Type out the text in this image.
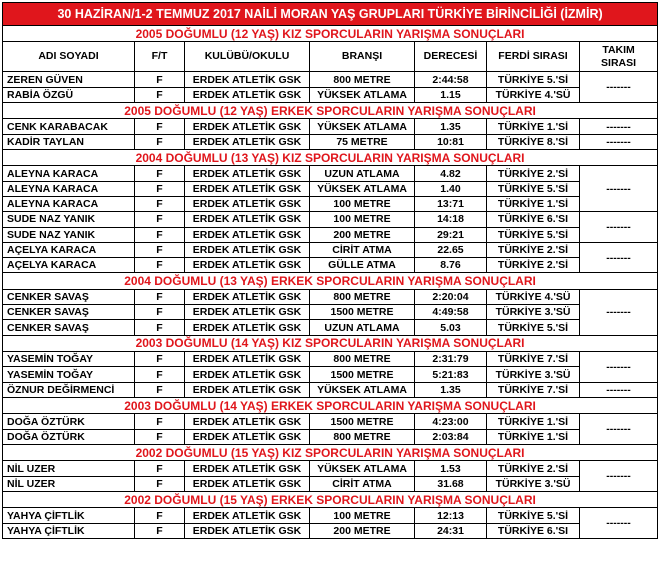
30 HAZİRAN/1-2 TEMMUZ 2017 NAİLİ MORAN YAŞ GRUPLARI TÜRKİYE BİRİNCİLİĞİ (İZMİR)						
2005 DOĞUMLU (12 YAŞ) KIZ SPORCULARIN YARIŞMA SONUÇLARI						
ADI SOYADI	F/T	KULÜBÜ/OKULU	BRANŞI	DERECESİ	FERDİ SIRASI	TAKIM SIRASI
ZEREN GÜVEN	F	ERDEK ATLETİK GSK	800 METRE	2:44:58	TÜRKİYE 5.'Sİ	-------
RABİA ÖZGÜ	F	ERDEK ATLETİK GSK	YÜKSEK ATLAMA	1.15	TÜRKİYE 4.'SÜ	
2005 DOĞUMLU (12 YAŞ) ERKEK SPORCULARIN YARIŞMA SONUÇLARI						
CENK KARABACAK	F	ERDEK ATLETİK GSK	YÜKSEK ATLAMA	1.35	TÜRKİYE 1.'Sİ	-------
KADİR TAYLAN	F	ERDEK ATLETİK GSK	75 METRE	10:81	TÜRKİYE 8.'Sİ	-------
2004 DOĞUMLU (13 YAŞ) KIZ SPORCULARIN YARIŞMA SONUÇLARI						
ALEYNA KARACA	F	ERDEK ATLETİK GSK	UZUN ATLAMA	4.82	TÜRKİYE 2.'Sİ	-------
ALEYNA KARACA	F	ERDEK ATLETİK GSK	YÜKSEK ATLAMA	1.40	TÜRKİYE 5.'Sİ	
ALEYNA KARACA	F	ERDEK ATLETİK GSK	100 METRE	13:71	TÜRKİYE 1.'Sİ	
SUDE NAZ YANIK	F	ERDEK ATLETİK GSK	100 METRE	14:18	TÜRKİYE 6.'SI	-------
SUDE NAZ YANIK	F	ERDEK ATLETİK GSK	200 METRE	29:21	TÜRKİYE 5.'Sİ	
AÇELYA KARACA	F	ERDEK ATLETİK GSK	CİRİT ATMA	22.65	TÜRKİYE 2.'Sİ	-------
AÇELYA KARACA	F	ERDEK ATLETİK GSK	GÜLLE ATMA	8.76	TÜRKİYE 2.'Sİ	
2004 DOĞUMLU (13 YAŞ) ERKEK SPORCULARIN YARIŞMA SONUÇLARI						
CENKER SAVAŞ	F	ERDEK ATLETİK GSK	800 METRE	2:20:04	TÜRKİYE 4.'SÜ	-------
CENKER SAVAŞ	F	ERDEK ATLETİK GSK	1500 METRE	4:49:58	TÜRKİYE 3.'SÜ	
CENKER SAVAŞ	F	ERDEK ATLETİK GSK	UZUN ATLAMA	5.03	TÜRKİYE 5.'Sİ	
2003 DOĞUMLU (14 YAŞ) KIZ SPORCULARIN YARIŞMA SONUÇLARI						
YASEMİN TOĞAY	F	ERDEK ATLETİK GSK	800 METRE	2:31:79	TÜRKİYE 7.'Sİ	-------
YASEMİN TOĞAY	F	ERDEK ATLETİK GSK	1500 METRE	5:21:83	TÜRKİYE 3.'SÜ	
ÖZNUR DEĞİRMENCİ	F	ERDEK ATLETİK GSK	YÜKSEK ATLAMA	1.35	TÜRKİYE 7.'Sİ	-------
2003 DOĞUMLU (14 YAŞ) ERKEK SPORCULARIN YARIŞMA SONUÇLARI						
DOĞA ÖZTÜRK	F	ERDEK ATLETİK GSK	1500 METRE	4:23:00	TÜRKİYE 1.'Sİ	-------
DOĞA ÖZTÜRK	F	ERDEK ATLETİK GSK	800 METRE	2:03:84	TÜRKİYE 1.'Sİ	
2002 DOĞUMLU (15 YAŞ) KIZ SPORCULARIN YARIŞMA SONUÇLARI						
NİL UZER	F	ERDEK ATLETİK GSK	YÜKSEK ATLAMA	1.53	TÜRKİYE 2.'Sİ	-------
NİL UZER	F	ERDEK ATLETİK GSK	CİRİT ATMA	31.68	TÜRKİYE 3.'SÜ	
2002 DOĞUMLU (15 YAŞ) ERKEK SPORCULARIN YARIŞMA SONUÇLARI						
YAHYA ÇİFTLİK	F	ERDEK ATLETİK GSK	100 METRE	12:13	TÜRKİYE 5.'Sİ	-------
YAHYA ÇİFTLİK	F	ERDEK ATLETİK GSK	200 METRE	24:31	TÜRKİYE 6.'SI	
